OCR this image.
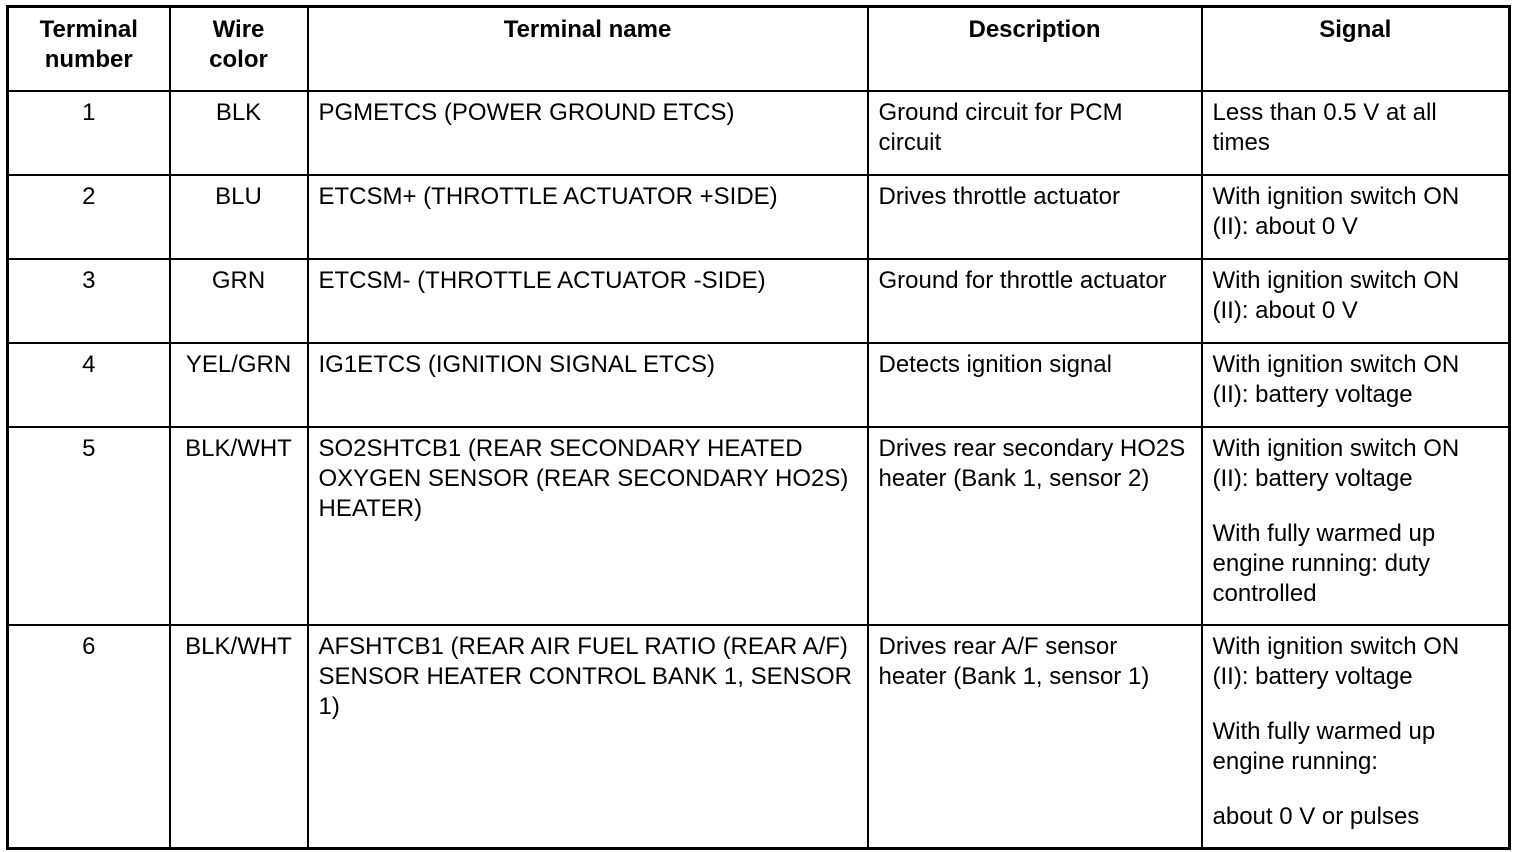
Terminal
number	Wire
color	Terminal name	Description	Signal
1	BLK	PGMETCS (POWER GROUND ETCS)	Ground circuit for PCM circuit	Less than 0.5 V at all times

2	BLU	ETCSM+ (THROTTLE ACTUATOR +SIDE)	Drives throttle actuator	With ignition switch ON (II): about 0 V

3	GRN	ETCSM- (THROTTLE ACTUATOR -SIDE)	Ground for throttle actuator	With ignition switch ON (II): about 0 V

4	YEL/GRN	IG1ETCS (IGNITION SIGNAL ETCS)	Detects ignition signal	With ignition switch ON (II): battery voltage

5	BLK/WHT	SO2SHTCB1 (REAR SECONDARY HEATED OXYGEN SENSOR (REAR SECONDARY HO2S) HEATER)	Drives rear secondary HO2S heater (Bank 1, sensor 2)	With ignition switch ON (II): battery voltage

With fully warmed up engine running: duty controlled

6	BLK/WHT	AFSHTCB1 (REAR AIR FUEL RATIO (REAR A/F) SENSOR HEATER CONTROL BANK 1, SENSOR 1)	Drives rear A/F sensor heater (Bank 1, sensor 1)	With ignition switch ON (II): battery voltage

With fully warmed up engine running:

about 0 V or pulses
